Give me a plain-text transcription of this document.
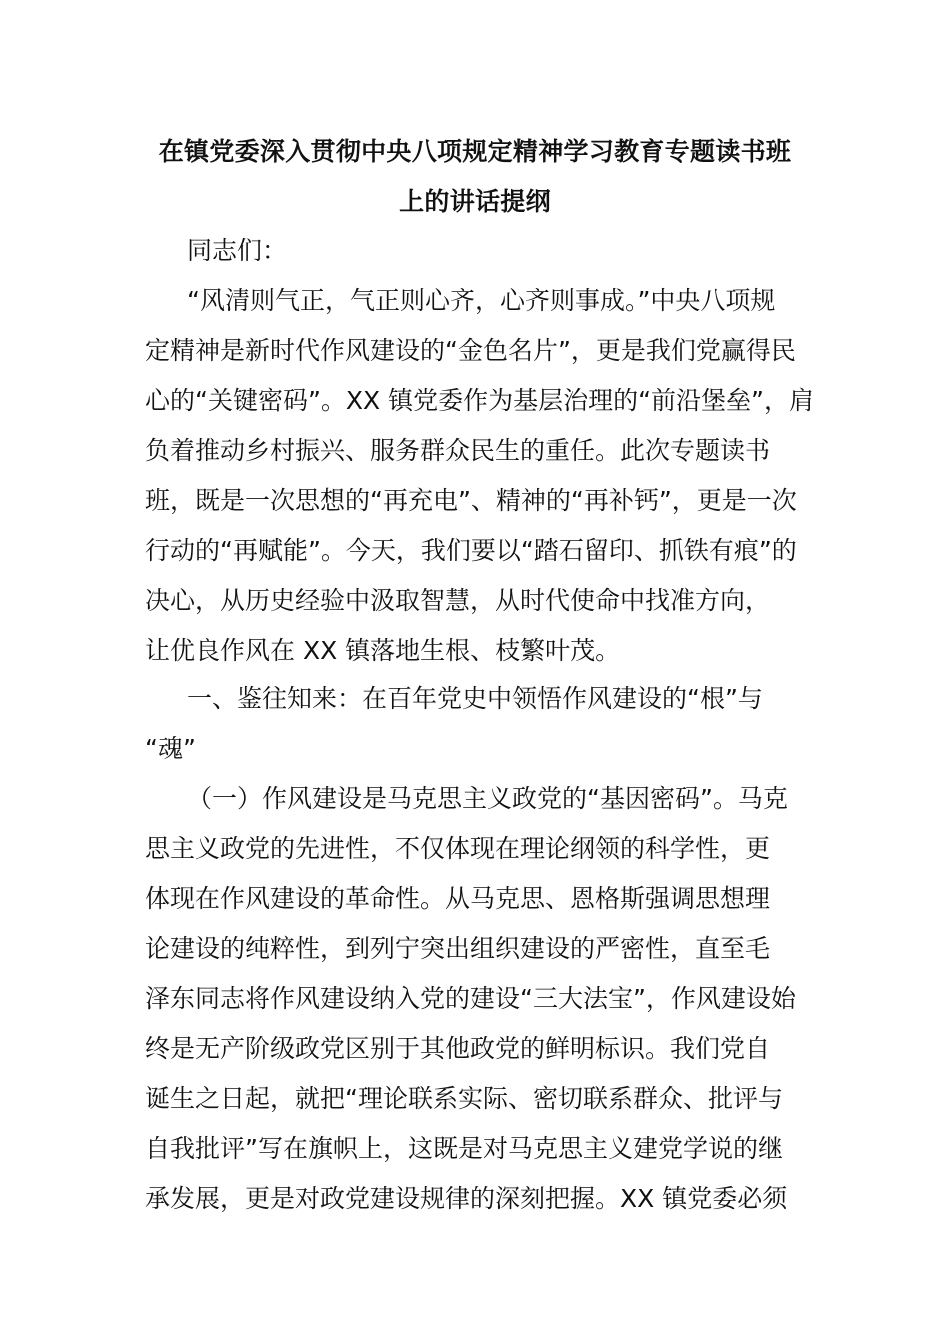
在镇党委深入贯彻中央八项规定精神学习教育专题读书班
上的讲话提纲
同志们：
“风清则气正，气正则心齐，心齐则事成。”中央八项规
定精神是新时代作风建设的“金色名片”，更是我们党赢得民
心的“关键密码”。XX 镇党委作为基层治理的“前沿堡垒”，肩
负着推动乡村振兴、服务群众民生的重任。此次专题读书
班，既是一次思想的“再充电”、精神的“再补钙”，更是一次
行动的“再赋能”。今天，我们要以“踏石留印、抓铁有痕”的
决心，从历史经验中汲取智慧，从时代使命中找准方向，
让优良作风在 XX 镇落地生根、枝繁叶茂。
一、鉴往知来：在百年党史中领悟作风建设的“根”与
“魂”
（一）作风建设是马克思主义政党的“基因密码”。马克
思主义政党的先进性，不仅体现在理论纲领的科学性，更
体现在作风建设的革命性。从马克思、恩格斯强调思想理
论建设的纯粹性，到列宁突出组织建设的严密性，直至毛
泽东同志将作风建设纳入党的建设“三大法宝”，作风建设始
终是无产阶级政党区别于其他政党的鲜明标识。我们党自
诞生之日起，就把“理论联系实际、密切联系群众、批评与
自我批评”写在旗帜上，这既是对马克思主义建党学说的继
承发展，更是对政党建设规律的深刻把握。XX 镇党委必须
